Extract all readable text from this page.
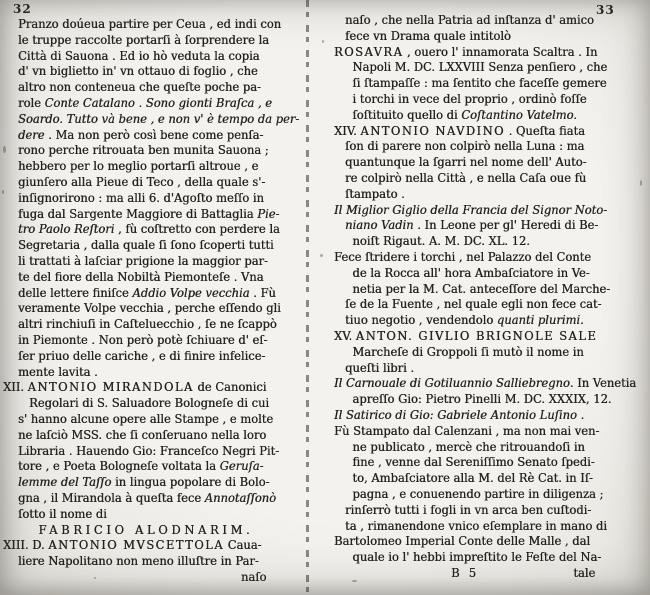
32
Pranzo doúeua partire per Ceua , ed indi con
le truppe raccolte portarſi à ſorprendere la
Città di Sauona . Ed io hò veduta la copia
d' vn biglietto in' vn ottauo di foglio , che
altro non conteneua che queſte poche pa-
role Conte Catalano . Sono gionti Braſca , e
Soardo. Tutto và bene , e non v' è tempo da per-
dere . Ma non però così bene come penſa-
rono perche ritrouata ben munita Sauona ;
hebbero per lo meglio portarſi altroue , e
giunſero alla Pieue di Teco , della quale s'-
inſignorirono : ma alli 6. d'Agoſto meſſo in
fuga dal Sargente Maggiore di Battaglia Pie-
tro Paolo Reſtori , fù coſtretto con perdere la
Segretaria , dalla quale ſi ſono ſcoperti tutti
li trattati à laſciar prigione la maggior par-
te del fiore della Nobiltà Piemonteſe . Vna
delle lettere finiſce Addio Volpe vecchia . Fù
veramente Volpe vecchia , perche eſſendo gli
altri rinchiuſi in Caſteluecchio , ſe ne ſcappò
in Piemonte . Non però potè ſchiuare d' eſ-
ſer priuo delle cariche , e di finire infelice-
mente lavita .
XII. ANTONIO MIRANDOLA de Canonici
Regolari di S. Saluadore Bologneſe di cui
s' hanno alcune opere alle Stampe , e molte
ne laſciò MSS. che ſi conſeruano nella loro
Libraria . Hauendo Gio: Franceſco Negri Pit-
tore , e Poeta Bologneſe voltata la Geruſa-
lemme del Taſſo in lingua popolare di Bolo-
gna , il Mirandola à queſta fece Annotaſſonò
ſotto il nome di
FABRICIO ALODNARIM.
XIII. D. ANTONIO MVSCETTOLA Caua-
liere Napolitano non meno illuſtre in Par-
naſo
33
naſo , che nella Patria ad inſtanza d' amico
fece vn Drama quale intitolò
ROSAVRA , ouero l' innamorata Scaltra . In
Napoli M. DC. LXXVIII Senza penſiero , che
ſi ſtampaſſe : ma ſentito che faceſſe gemere
i torchi in vece del proprio , ordinò foſſe
ſoſtituito quello di Coſtantino Vatelmo.
XIV. ANTONIO NAVDINO . Queſta fiata
ſon di parere non colpirò nella Luna : ma
quantunque la ſgarri nel nome dell' Auto-
re colpirò nella Città , e nella Caſa oue fù
ſtampato .
Il Miglior Giglio della Francia del Signor Noto-
niano Vadin . In Leone per gl' Heredi di Be-
noiſt Rigaut. A. M. DC. XL. 12.
Fece ſtridere i torchi , nel Palazzo del Conte
de la Rocca all' hora Ambaſciatore in Ve-
netia per la M. Cat. anteceſſore del Marche-
ſe de la Fuente , nel quale egli non fece cat-
tiuo negotio , vendendolo quanti plurimi.
XV. ANTON. GIVLIO BRIGNOLE SALE
Marcheſe di Groppoli ſi mutò il nome in
queſti libri .
Il Carnouale di Gotiluannio Salliebregno. In Venetia
apreſſo Gio: Pietro Pinelli M. DC. XXXIX, 12.
Il Satirico di Gio: Gabriele Antonio Luſino .
Fù Stampato dal Calenzani , ma non mai ven-
ne publicato , mercè che ritrouandoſi in
fine , venne dal Sereniſſimo Senato ſpedi-
to, Ambaſciatore alla M. del Rè Cat. in Iſ-
pagna , e conuenendo partire in diligenza ;
rinſerrò tutti i fogli in vn arca ben cuſtodi-
ta , rimanendone vnico eſemplare in mano di
Bartolomeo Imperial Conte delle Malle , dal
quale io l' hebbi impreſtito le Feſte del Na-
B 5	tale
